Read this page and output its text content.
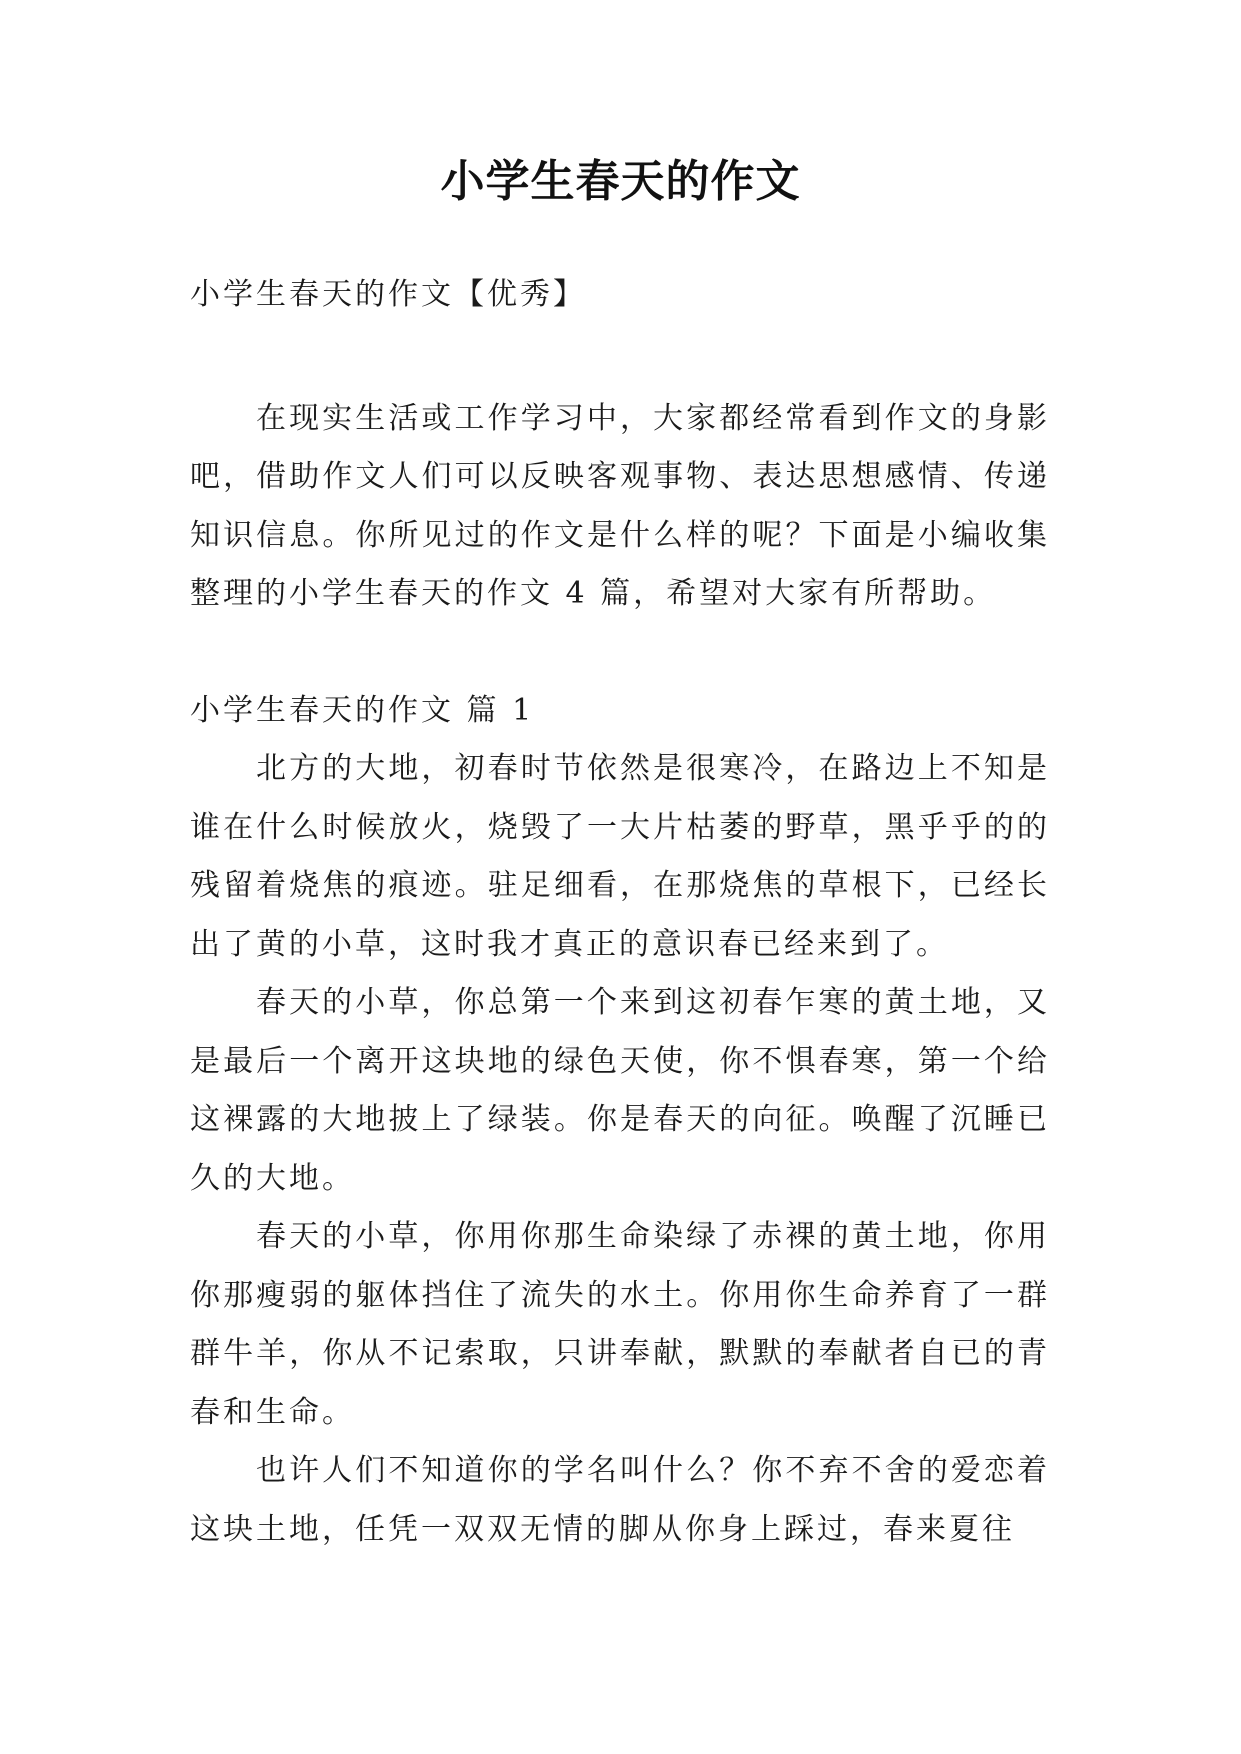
小学生春天的作文

小学生春天的作文【优秀】

在现实生活或工作学习中，大家都经常看到作文的身影吧，借助作文人们可以反映客观事物、表达思想感情、传递知识信息。你所见过的作文是什么样的呢？下面是小编收集整理的小学生春天的作文 4 篇，希望对大家有所帮助。

小学生春天的作文 篇 1

北方的大地，初春时节依然是很寒冷，在路边上不知是谁在什么时候放火，烧毁了一大片枯萎的野草，黑乎乎的的残留着烧焦的痕迹。驻足细看，在那烧焦的草根下，已经长出了黄的小草，这时我才真正的意识春已经来到了。

春天的小草，你总第一个来到这初春乍寒的黄土地，又是最后一个离开这块地的绿色天使，你不惧春寒，第一个给这裸露的大地披上了绿装。你是春天的向征。唤醒了沉睡已久的大地。

春天的小草，你用你那生命染绿了赤裸的黄土地，你用你那瘦弱的躯体挡住了流失的水土。你用你生命养育了一群群牛羊，你从不记索取，只讲奉献，默默的奉献者自已的青春和生命。

也许人们不知道你的学名叫什么？你不弃不舍的爱恋着这块土地，任凭一双双无情的脚从你身上踩过，春来夏往
